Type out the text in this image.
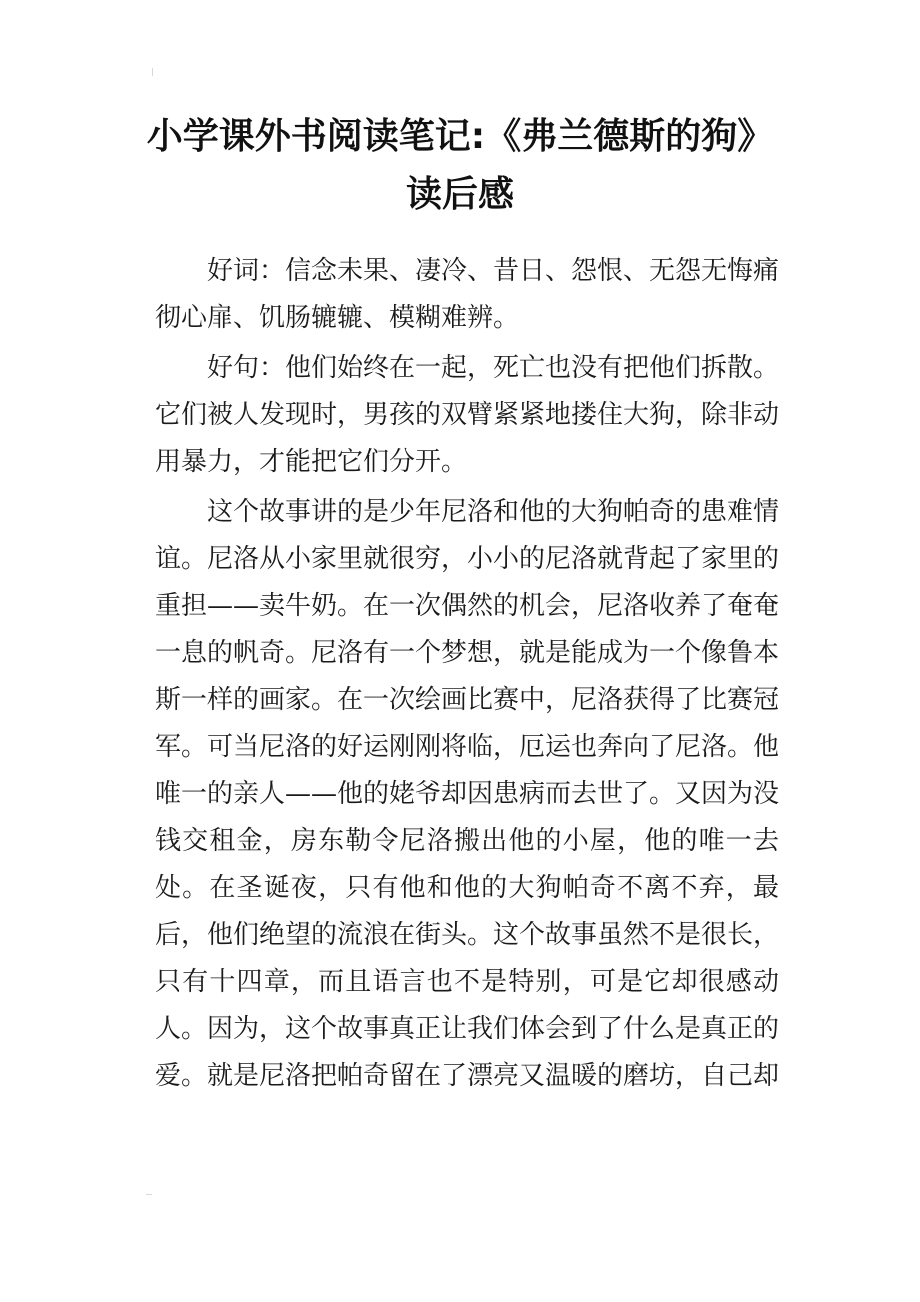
小学课外书阅读笔记:《弗兰德斯的狗》
读后感

好词：信念未果、凄冷、昔日、怨恨、无怨无悔痛彻心扉、饥肠辘辘、模糊难辨。

好句：他们始终在一起，死亡也没有把他们拆散。它们被人发现时，男孩的双臂紧紧地搂住大狗，除非动用暴力，才能把它们分开。

这个故事讲的是少年尼洛和他的大狗帕奇的患难情谊。尼洛从小家里就很穷，小小的尼洛就背起了家里的重担——卖牛奶。在一次偶然的机会，尼洛收养了奄奄一息的帆奇。尼洛有一个梦想，就是能成为一个像鲁本斯一样的画家。在一次绘画比赛中，尼洛获得了比赛冠军。可当尼洛的好运刚刚将临，厄运也奔向了尼洛。他唯一的亲人——他的姥爷却因患病而去世了。又因为没钱交租金，房东勒令尼洛搬出他的小屋，他的唯一去处。在圣诞夜，只有他和他的大狗帕奇不离不弃，最后，他们绝望的流浪在街头。这个故事虽然不是很长，只有十四章，而且语言也不是特别，可是它却很感动人。因为，这个故事真正让我们体会到了什么是真正的爱。就是尼洛把帕奇留在了漂亮又温暖的磨坊，自己却
